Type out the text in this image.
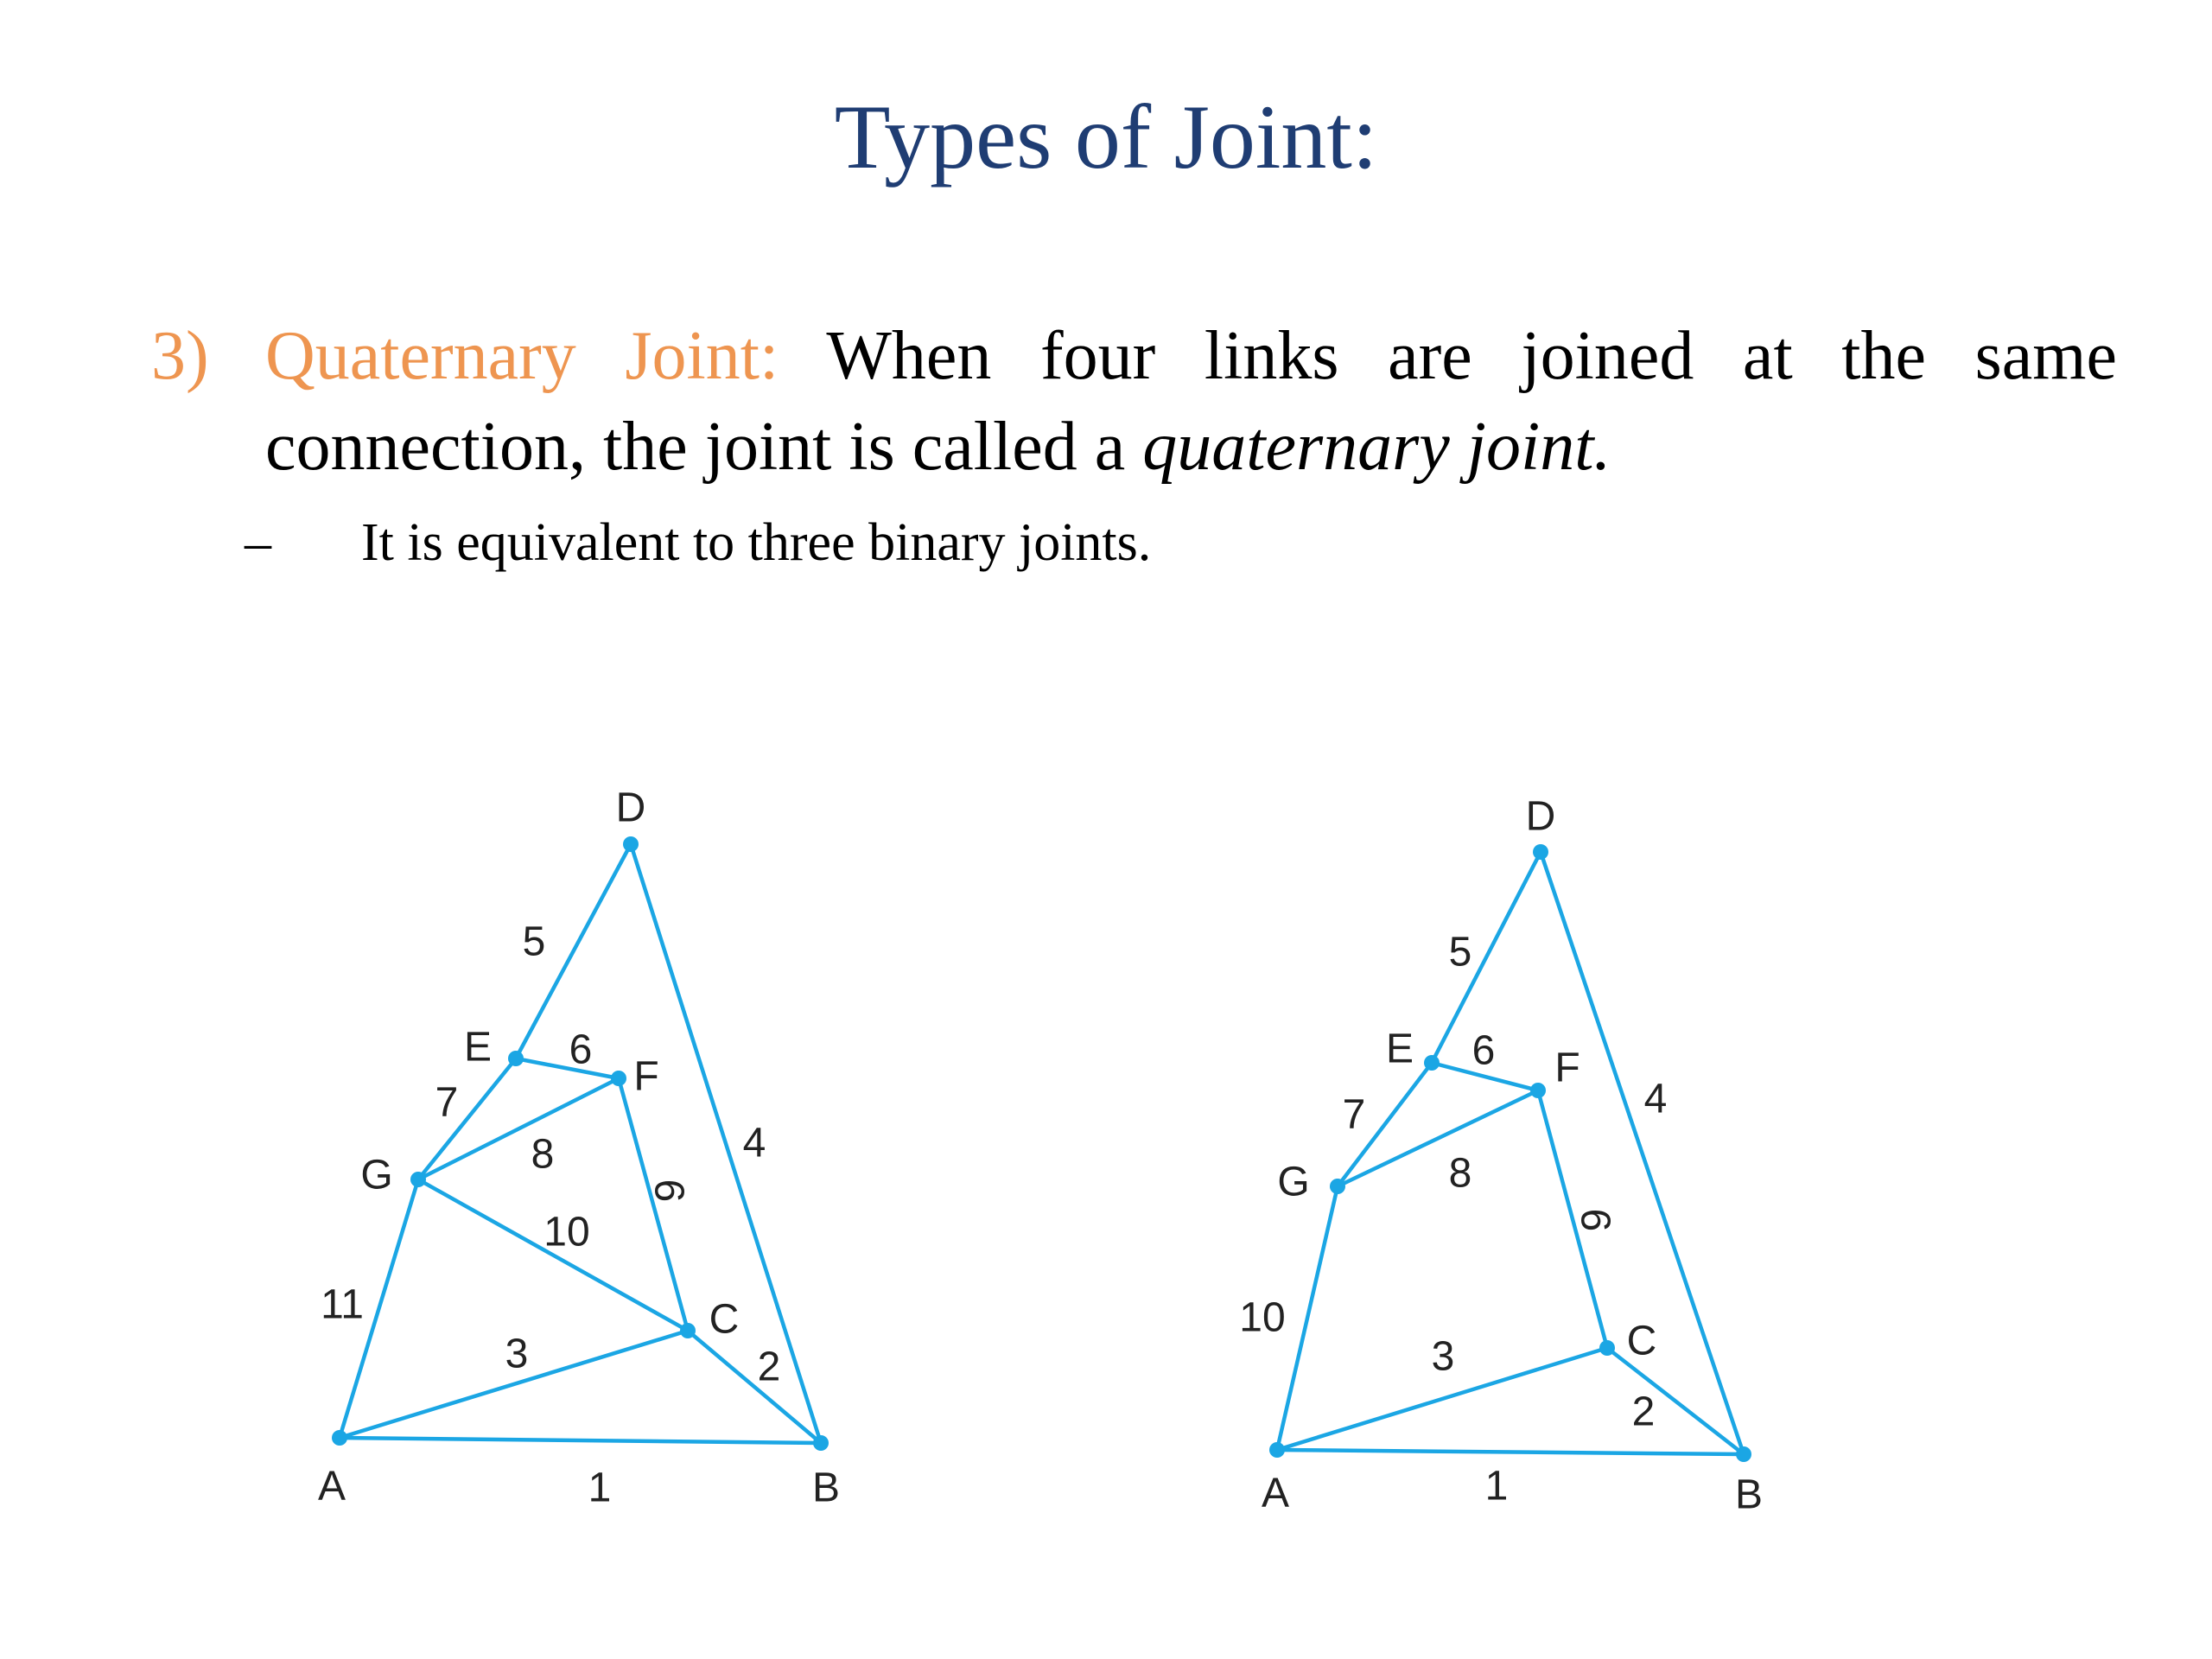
Types of Joint:
3) Quaternary Joint: When four links are joined at the same connection, the joint is called a quaternary joint.
– It is equivalent to three binary joints.
A	B
C
D
E
F
G
1
2
3
4
5
6
7
8
9
10
11
A	B
C
D
E	F
G
1
2
3
4
5
6
7
8
9
10
